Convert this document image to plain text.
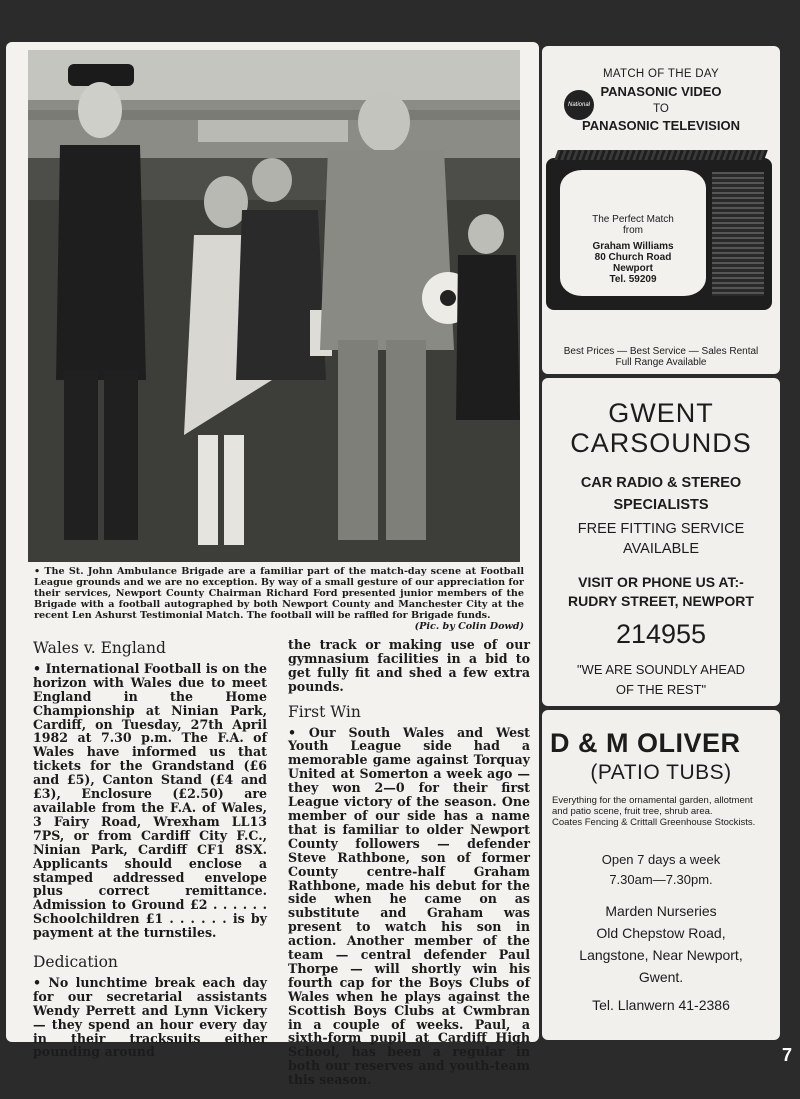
• The St. John Ambulance Brigade are a familiar part of the match-day scene at Football League grounds and we are no exception. By way of a small gesture of our appreciation for their services, Newport County Chairman Richard Ford presented junior members of the Brigade with a football autographed by both Newport County and Manchester City at the recent Len Ashurst Testimonial Match. The football will be raffled for Brigade funds.
(Pic. by Colin Dowd)
Wales v. England

• International Football is on the horizon with Wales due to meet England in the Home Championship at Ninian Park, Cardiff, on Tuesday, 27th April 1982 at 7.30 p.m. The F.A. of Wales have informed us that tickets for the Grandstand (£6 and £5), Canton Stand (£4 and £3), Enclosure (£2.50) are available from the F.A. of Wales, 3 Fairy Road, Wrexham LL13 7PS, or from Cardiff City F.C., Ninian Park, Cardiff CF1 8SX. Applicants should enclose a stamped addressed envelope plus correct remittance. Admission to Ground £2 . . . . . . Schoolchildren £1 . . . . . . is by payment at the turnstiles.

Dedication

• No lunchtime break each day for our secretarial assistants Wendy Perrett and Lynn Vickery — they spend an hour every day in their tracksuits either pounding around

the track or making use of our gymnasium facilities in a bid to get fully fit and shed a few extra pounds.

First Win

• Our South Wales and West Youth League side had a memorable game against Torquay United at Somerton a week ago — they won 2—0 for their first League victory of the season. One member of our side has a name that is familiar to older Newport County followers — defender Steve Rathbone, son of former County centre-half Graham Rathbone, made his debut for the side when he came on as substitute and Graham was present to watch his son in action. Another member of the team — central defender Paul Thorpe — will shortly win his fourth cap for the Boys Clubs of Wales when he plays against the Scottish Boys Clubs at Cwmbran in a couple of weeks. Paul, a sixth-form pupil at Cardiff High School, has been a regular in both our reserves and youth-team this season.

MATCH OF THE DAY
National
PANASONIC VIDEO
TO
PANASONIC TELEVISION
The Perfect Match
from
Graham Williams
80 Church Road
Newport
Tel. 59209
Best Prices — Best Service — Sales Rental
Full Range Available
GWENT
CARSOUNDS
CAR RADIO & STEREO
SPECIALISTS
FREE FITTING SERVICE
AVAILABLE
VISIT OR PHONE US AT:-
RUDRY STREET, NEWPORT
214955
"WE ARE SOUNDLY AHEAD
OF THE REST"
D & M OLIVER
(PATIO TUBS)
Everything for the ornamental garden, allotment and patio scene, fruit tree, shrub area.
Coates Fencing & Crittall Greenhouse Stockists.
Open 7 days a week
7.30am—7.30pm.
Marden Nurseries
Old Chepstow Road,
Langstone, Near Newport,
Gwent.
Tel. Llanwern 41-2386
7
